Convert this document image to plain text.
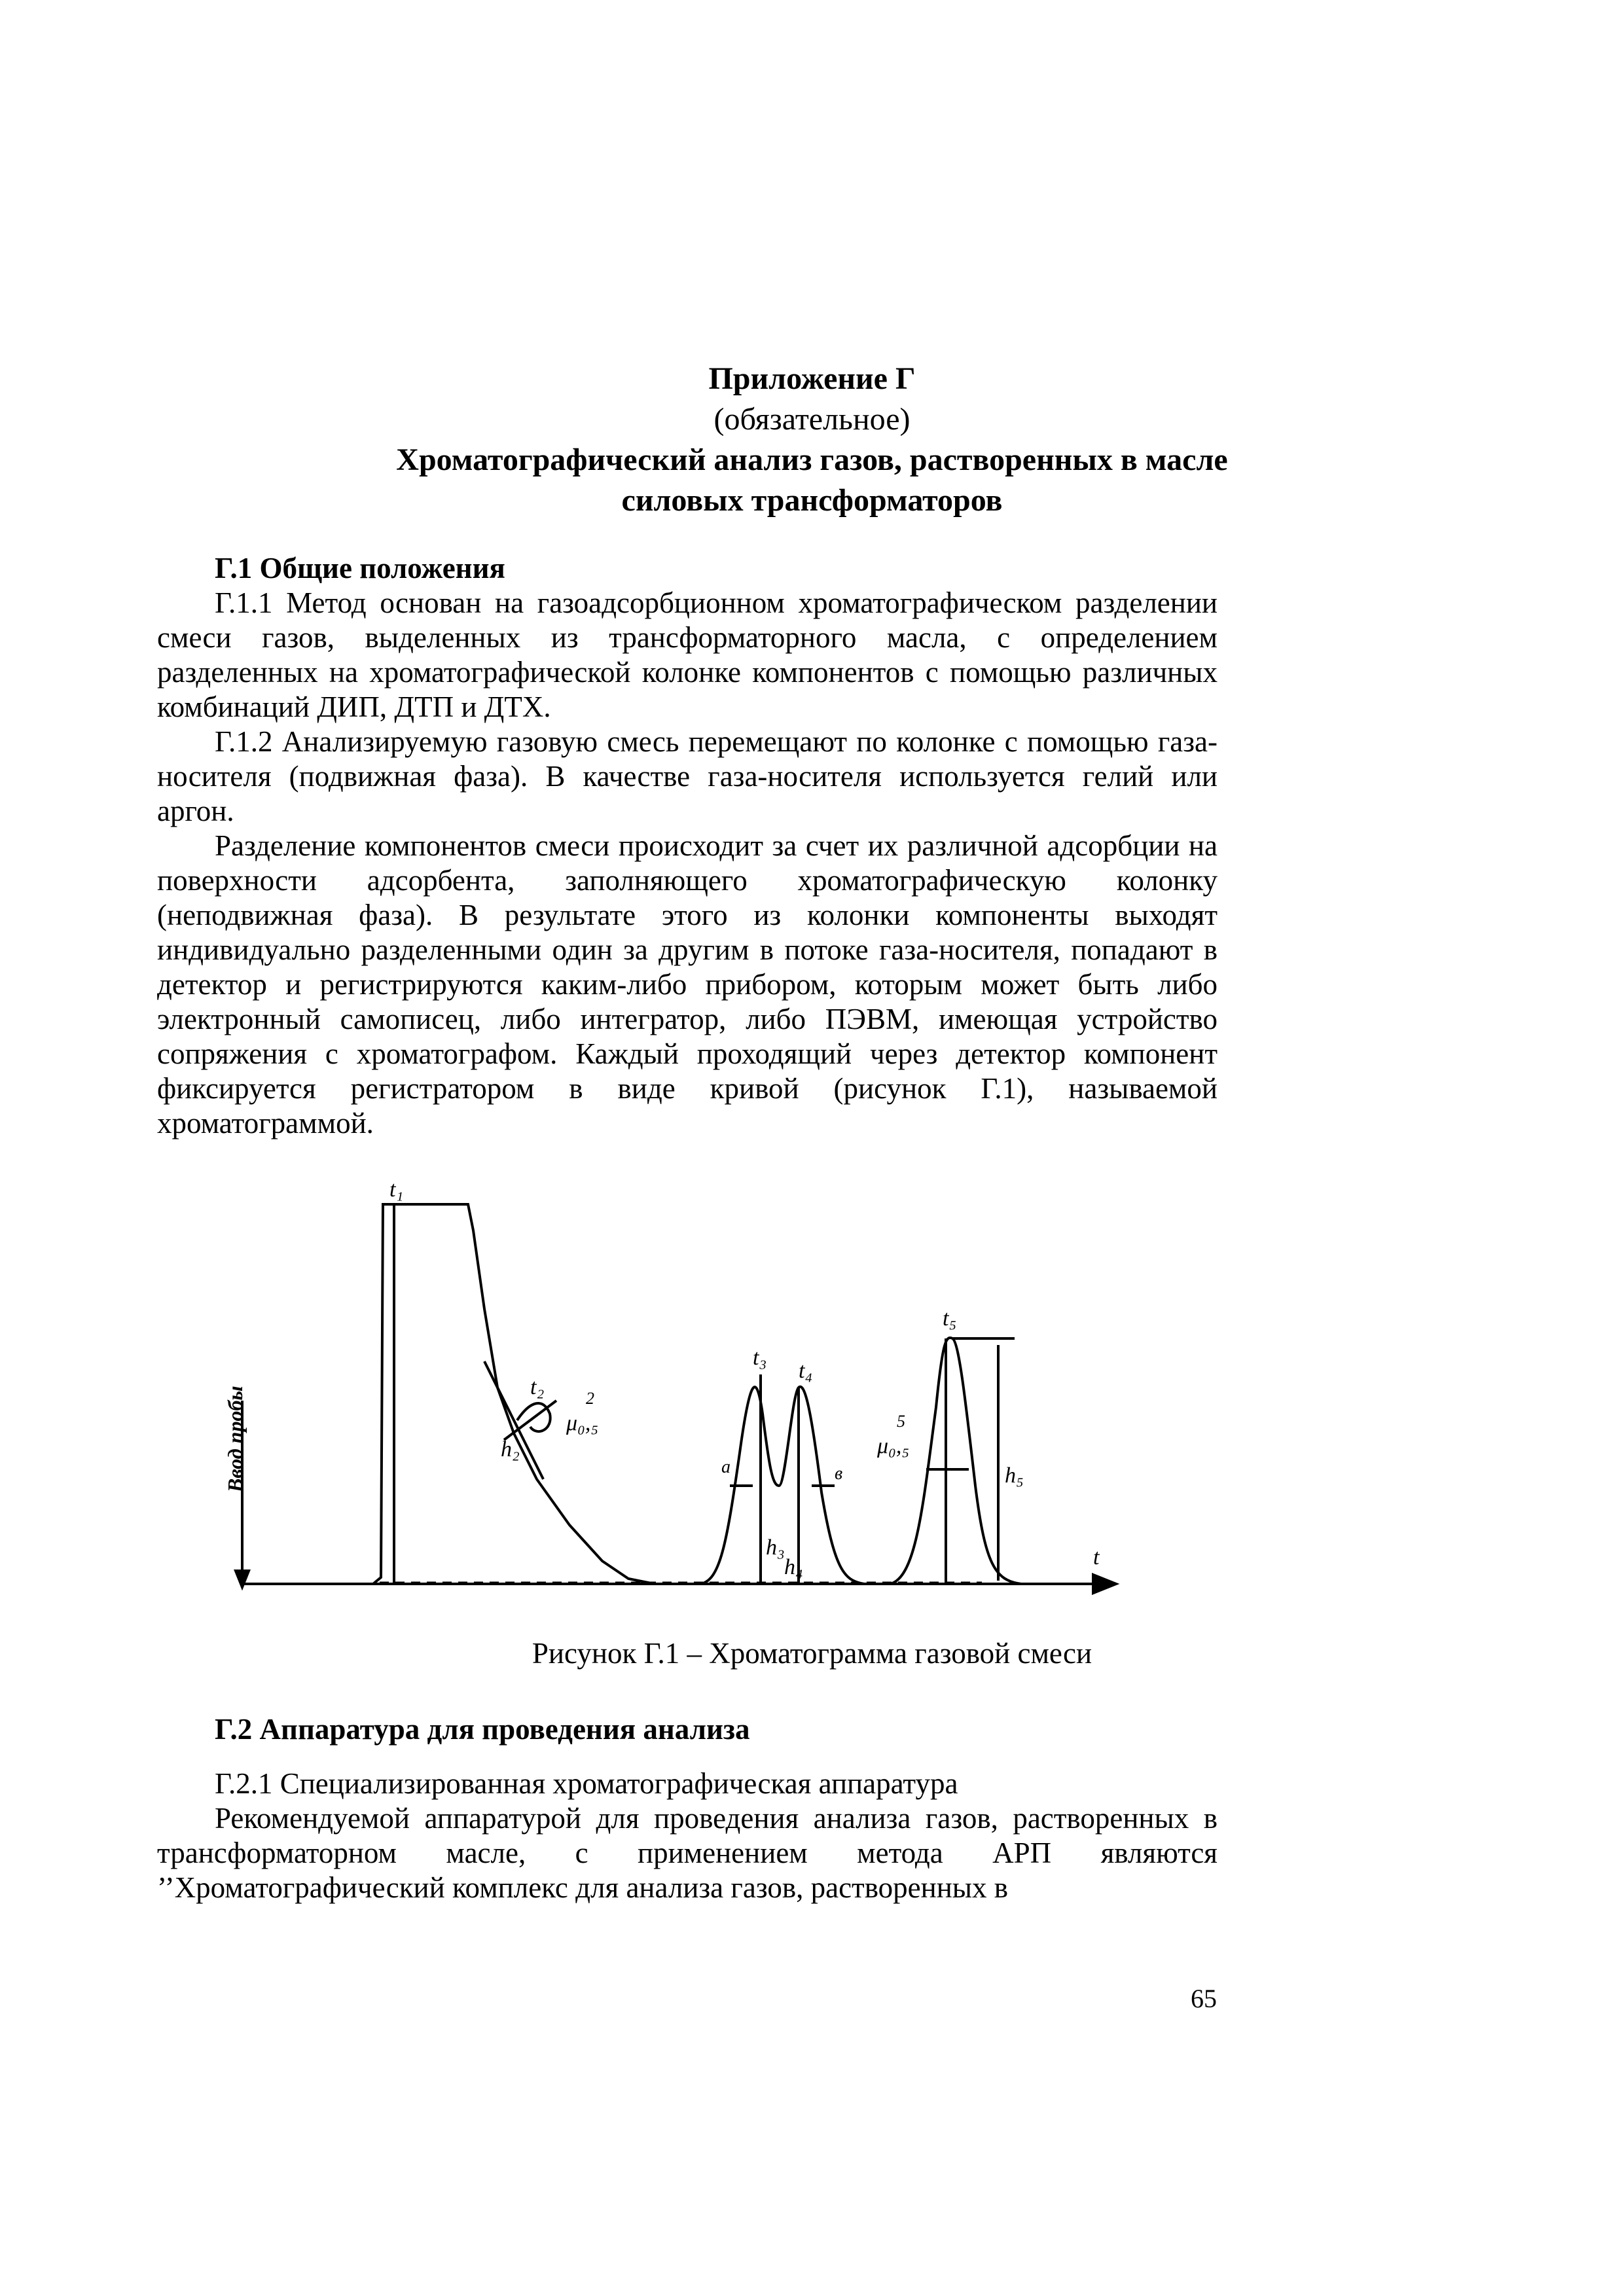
Приложение Г
(обязательное)
Хроматографический анализ газов, растворенных в масле
силовых трансформаторов

Г.1 Общие положения

Г.1.1 Метод основан на газоадсорбционном хроматографическом разделении смеси газов, выделенных из трансформаторного масла, с определением разделенных на хроматографической колонке компонентов с помощью различных комбинаций ДИП, ДТП и ДТХ.

Г.1.2 Анализируемую газовую смесь перемещают по колонке с помощью газа-носителя (подвижная фаза). В качестве газа-носителя используется гелий или аргон.

Разделение компонентов смеси происходит за счет их различной адсорбции на поверхности адсорбента, заполняющего хроматографическую колонку (неподвижная фаза). В результате этого из колонки компоненты выходят индивидуально разделенными один за другим в потоке газа-носителя, попадают в детектор и регистрируются каким-либо прибором, которым может быть либо электронный самописец, либо интегратор, либо ПЭВМ, имеющая устройство сопряжения с хроматографом. Каждый проходящий через детектор компонент фиксируется регистратором в виде кривой (рисунок Г.1), называемой хроматограммой.

t₁
t₂
t₃
t₄
t₅
t
h₂
h₃
h₄
h₅
μ₀,₅
2
μ₀,₅
5
а	в
Ввод пробы
Рисунок Г.1 – Хроматограмма газовой смеси

Г.2 Аппаратура для проведения анализа

Г.2.1 Специализированная хроматографическая аппаратура

Рекомендуемой аппаратурой для проведения анализа газов, растворенных в трансформаторном масле, с применением метода АРП являются ’’Хроматографический комплекс для анализа газов, растворенных в

65
